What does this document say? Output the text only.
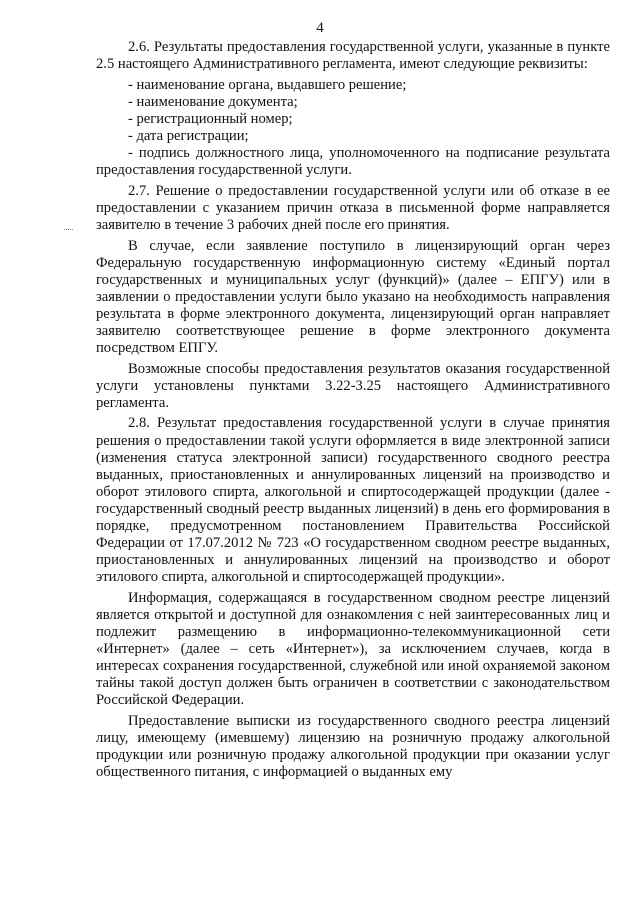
4

2.6. Результаты предоставления государственной услуги, указанные в пункте 2.5 настоящего Административного регламента, имеют следующие реквизиты:

- наименование органа, выдавшего решение;

- наименование документа;

- регистрационный номер;

- дата регистрации;

- подпись должностного лица, уполномоченного на подписание результата предоставления государственной услуги.

2.7. Решение о предоставлении государственной услуги или об отказе в ее предоставлении с указанием причин отказа в письменной форме направляется заявителю в течение 3 рабочих дней после его принятия.

В случае, если заявление поступило в лицензирующий орган через Федеральную государственную информационную систему «Единый портал государственных и муниципальных услуг (функций)» (далее – ЕПГУ) или в заявлении о предоставлении услуги было указано на необходимость направления результата в форме электронного документа, лицензирующий орган направляет заявителю соответствующее решение в форме электронного документа посредством ЕПГУ.

Возможные способы предоставления результатов оказания государственной услуги установлены пунктами 3.22-3.25 настоящего Административного регламента.

2.8. Результат предоставления государственной услуги в случае принятия решения о предоставлении такой услуги оформляется в виде электронной записи (изменения статуса электронной записи) государственного сводного реестра выданных, приостановленных и аннулированных лицензий на производство и оборот этилового спирта, алкогольной и спиртосодержащей продукции (далее - государственный сводный реестр выданных лицензий) в день его формирования в порядке, предусмотренном постановлением Правительства Российской Федерации от 17.07.2012 № 723 «О государственном сводном реестре выданных, приостановленных и аннулированных лицензий на производство и оборот этилового спирта, алкогольной и спиртосодержащей продукции».

Информация, содержащаяся в государственном сводном реестре лицензий является открытой и доступной для ознакомления с ней заинтересованных лиц и подлежит размещению в информационно-телекоммуникационной сети «Интернет» (далее – сеть «Интернет»), за исключением случаев, когда в интересах сохранения государственной, служебной или иной охраняемой законом тайны такой доступ должен быть ограничен в соответствии с законодательством Российской Федерации.

Предоставление выписки из государственного сводного реестра лицензий лицу, имеющему (имевшему) лицензию на розничную продажу алкогольной продукции или розничную продажу алкогольной продукции при оказании услуг общественного питания, с информацией о выданных ему
